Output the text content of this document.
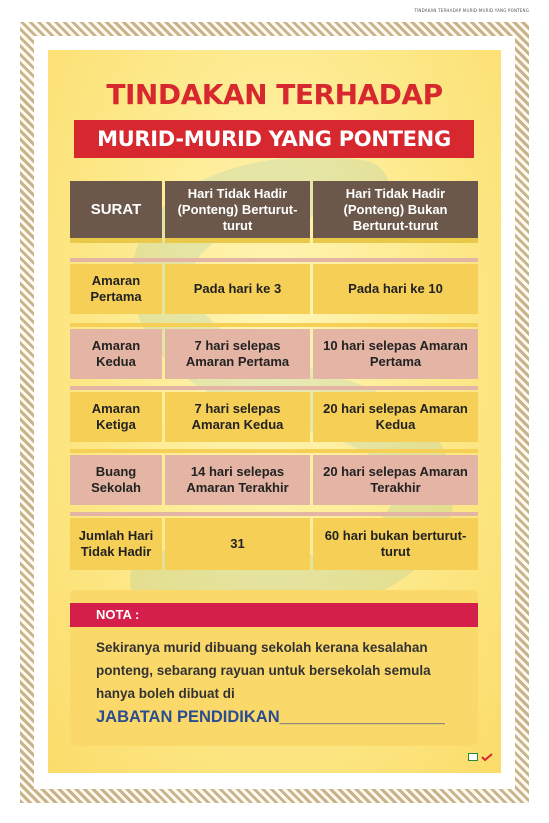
TINDAKAN TERHADAP MURID-MURID YANG PONTENG
TINDAKAN TERHADAP
MURID-MURID YANG PONTENG
SURAT
Hari Tidak Hadir (Ponteng) Berturut-turut
Hari Tidak Hadir (Ponteng) Bukan Berturut-turut
Amaran Pertama
Pada hari ke 3	Pada hari ke 10
Amaran Kedua
7 hari selepas Amaran Pertama
10 hari selepas Amaran Pertama
Amaran Ketiga
7 hari selepas Amaran Kedua
20 hari selepas Amaran Kedua
Buang Sekolah
14 hari selepas Amaran Terakhir
20 hari selepas Amaran Terakhir
Jumlah Hari Tidak Hadir
31
60 hari bukan berturut-turut
NOTA :
Sekiranya murid dibuang sekolah kerana kesalahan ponteng, sebarang rayuan untuk bersekolah semula hanya boleh dibuat di
JABATAN PENDIDIKAN__________________
